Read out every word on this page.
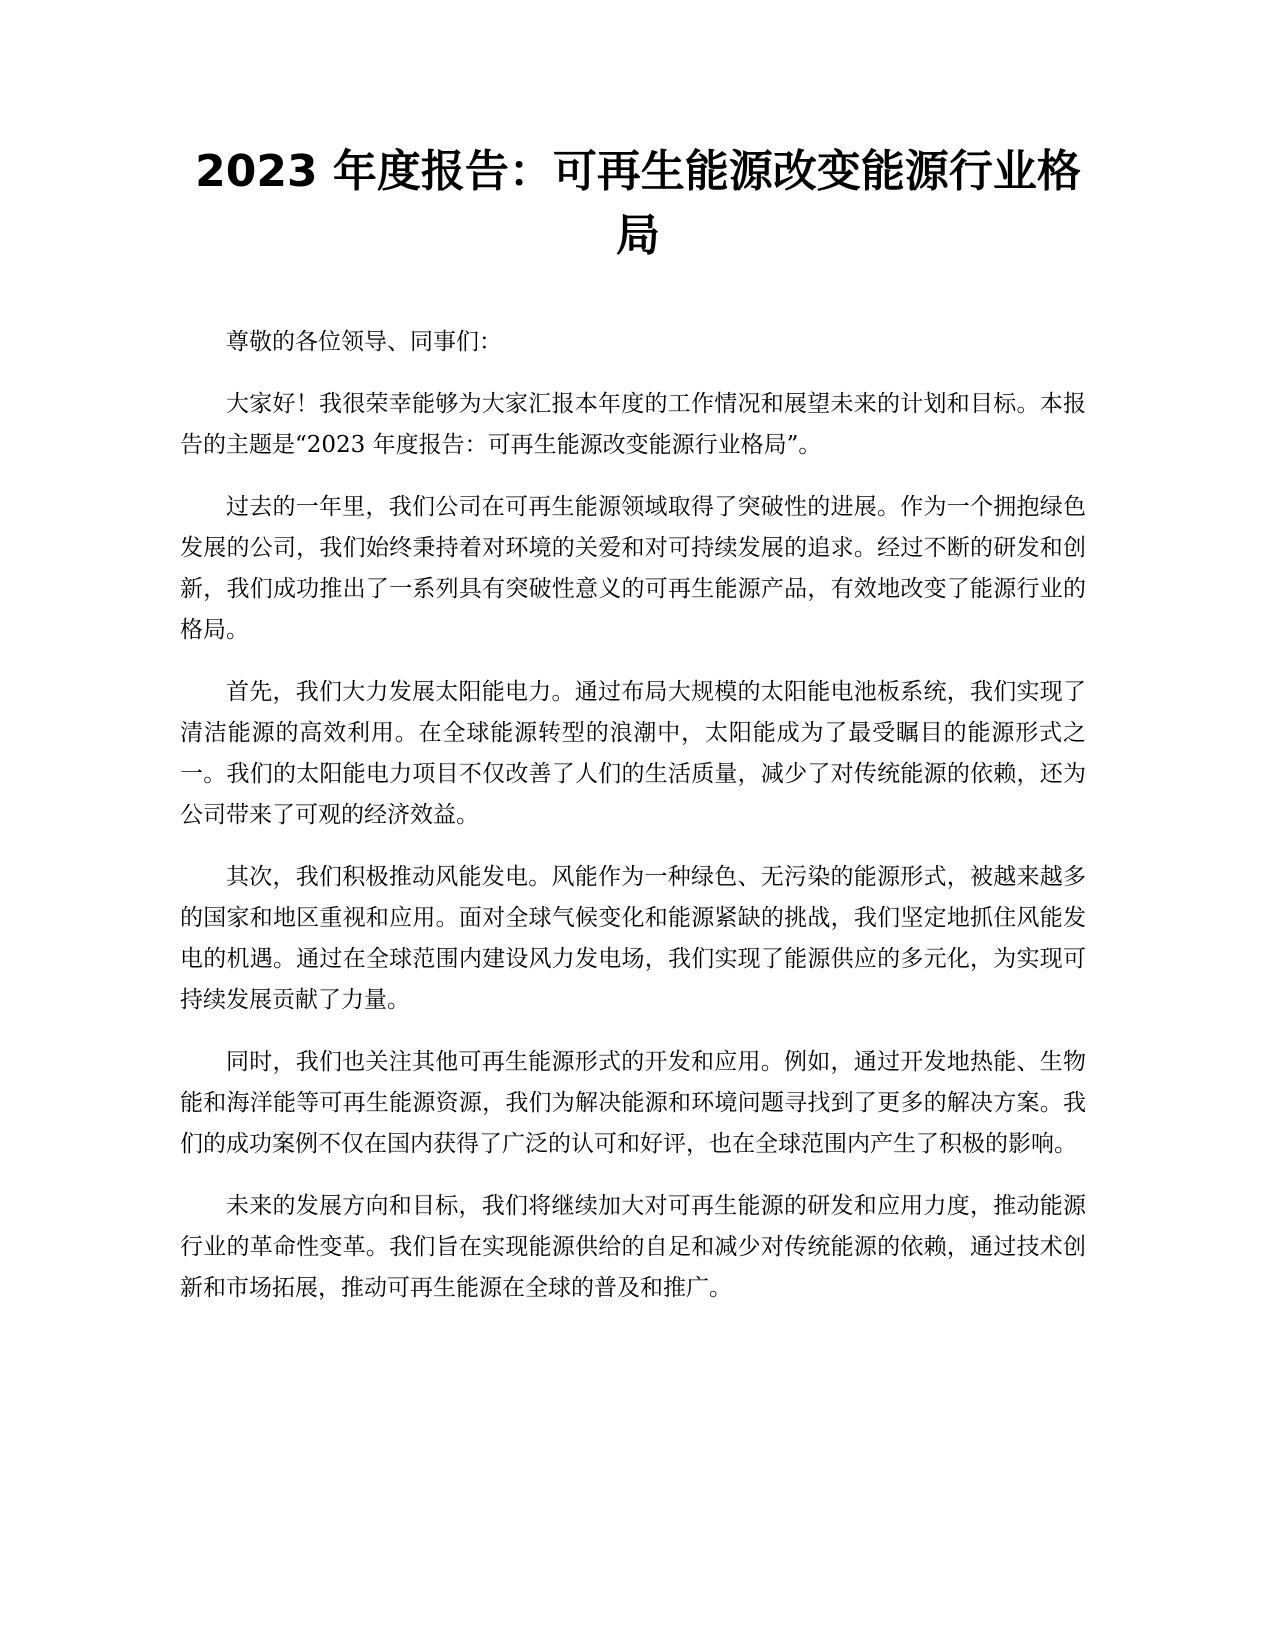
2023 年度报告：可再生能源改变能源行业格局

尊敬的各位领导、同事们：

大家好！我很荣幸能够为大家汇报本年度的工作情况和展望未来的计划和目标。本报告的主题是“2023 年度报告：可再生能源改变能源行业格局”。

过去的一年里，我们公司在可再生能源领域取得了突破性的进展。作为一个拥抱绿色发展的公司，我们始终秉持着对环境的关爱和对可持续发展的追求。经过不断的研发和创新，我们成功推出了一系列具有突破性意义的可再生能源产品，有效地改变了能源行业的格局。

首先，我们大力发展太阳能电力。通过布局大规模的太阳能电池板系统，我们实现了清洁能源的高效利用。在全球能源转型的浪潮中，太阳能成为了最受瞩目的能源形式之一。我们的太阳能电力项目不仅改善了人们的生活质量，减少了对传统能源的依赖，还为公司带来了可观的经济效益。

其次，我们积极推动风能发电。风能作为一种绿色、无污染的能源形式，被越来越多的国家和地区重视和应用。面对全球气候变化和能源紧缺的挑战，我们坚定地抓住风能发电的机遇。通过在全球范围内建设风力发电场，我们实现了能源供应的多元化，为实现可持续发展贡献了力量。

同时，我们也关注其他可再生能源形式的开发和应用。例如，通过开发地热能、生物能和海洋能等可再生能源资源，我们为解决能源和环境问题寻找到了更多的解决方案。我们的成功案例不仅在国内获得了广泛的认可和好评，也在全球范围内产生了积极的影响。

未来的发展方向和目标，我们将继续加大对可再生能源的研发和应用力度，推动能源行业的革命性变革。我们旨在实现能源供给的自足和减少对传统能源的依赖，通过技术创新和市场拓展，推动可再生能源在全球的普及和推广。
